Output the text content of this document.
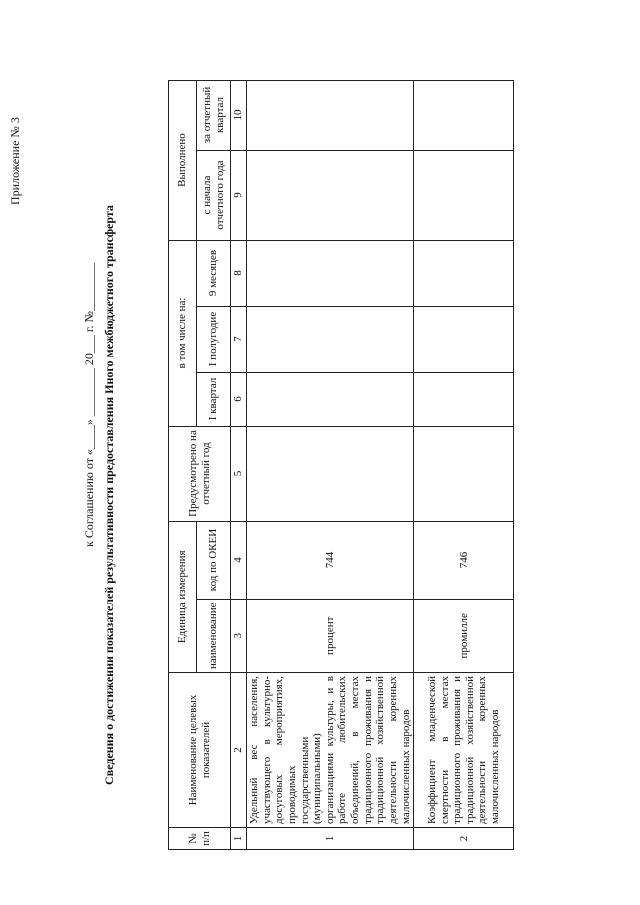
Приложение № 3
к Соглашению от «____» ________ 20___ г. №________ Сведения о достижении показателей результативности предоставления Иного межбюджетного трансферта
№ п/п	Наименование целевых показателей	Единица измерения		Предусмотрено на отчетный год	в том числе на:			Выполнено	
		наименование	код по ОКЕИ		I квартал	I полугодие	9 месяцев	с начала отчетного года	за отчетный квартал
1	2	3	4	5	6	7	8	9	10
1	Удельный вес населения, участвующего в культурно-досуговых мероприятиях, проводимых государственными (муниципальными) организациями культуры, и в работе любительских объединений, в местах традиционного проживания и традиционной хозяйственной деятельности коренных малочисленных народов	процент	744						
2	Коэффициент младенческой смертности в местах традиционного проживания и традиционной хозяйственной деятельности коренных малочисленных народов	промилле	746						
